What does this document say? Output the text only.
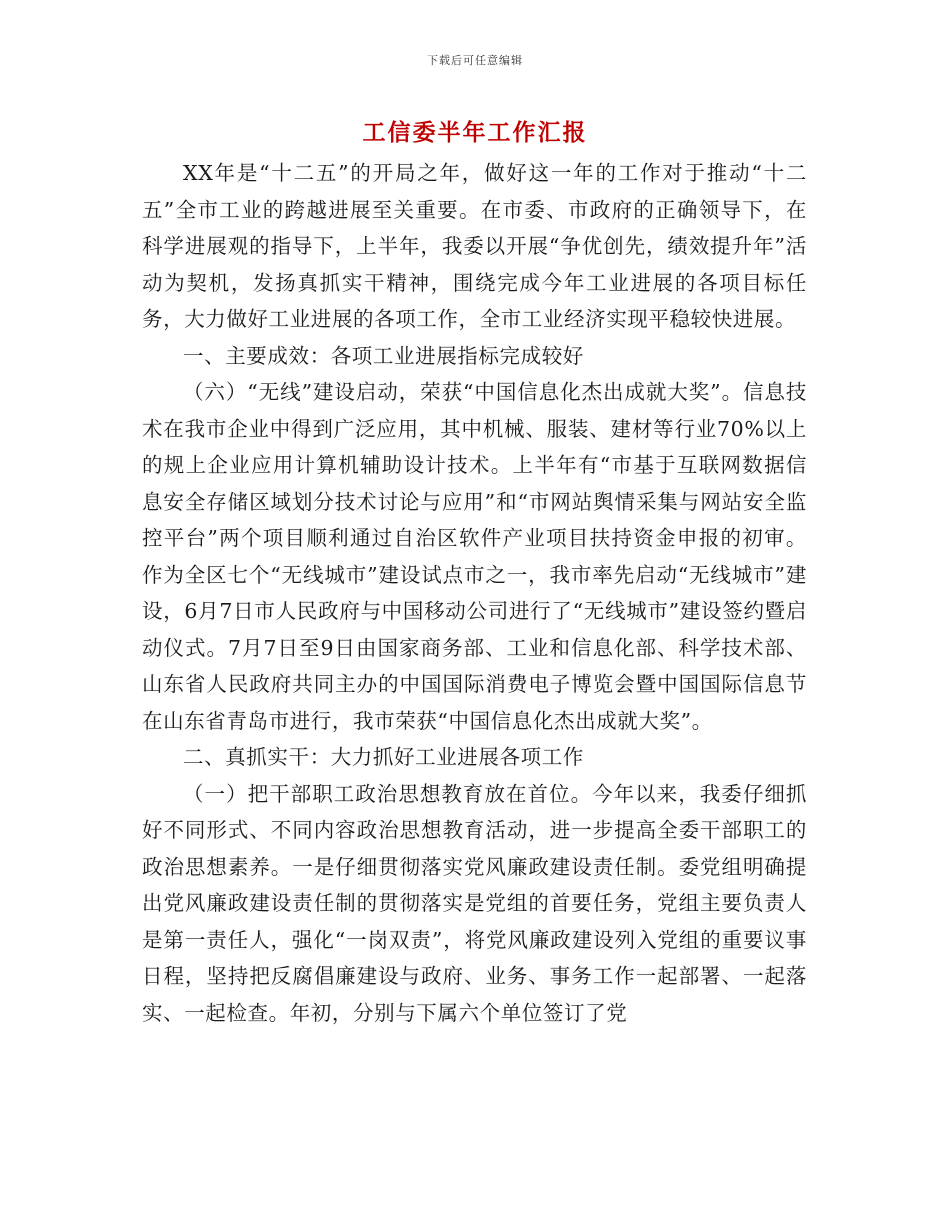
下载后可任意编辑
工信委半年工作汇报

XX年是“十二五”的开局之年，做好这一年的工作对于推动“十二五”全市工业的跨越进展至关重要。在市委、市政府的正确领导下，在科学进展观的指导下，上半年，我委以开展“争优创先，绩效提升年”活动为契机，发扬真抓实干精神，围绕完成今年工业进展的各项目标任务，大力做好工业进展的各项工作，全市工业经济实现平稳较快进展。

一、主要成效：各项工业进展指标完成较好

（六）“无线”建设启动，荣获“中国信息化杰出成就大奖”。信息技术在我市企业中得到广泛应用，其中机械、服装、建材等行业70%以上的规上企业应用计算机辅助设计技术。上半年有“市基于互联网数据信息安全存储区域划分技术讨论与应用”和“市网站舆情采集与网站安全监控平台”两个项目顺利通过自治区软件产业项目扶持资金申报的初审。作为全区七个“无线城市”建设试点市之一，我市率先启动“无线城市”建设，6月7日市人民政府与中国移动公司进行了“无线城市”建设签约暨启动仪式。7月7日至9日由国家商务部、工业和信息化部、科学技术部、山东省人民政府共同主办的中国国际消费电子博览会暨中国国际信息节在山东省青岛市进行，我市荣获“中国信息化杰出成就大奖”。

二、真抓实干：大力抓好工业进展各项工作

（一）把干部职工政治思想教育放在首位。今年以来，我委仔细抓好不同形式、不同内容政治思想教育活动，进一步提高全委干部职工的政治思想素养。一是仔细贯彻落实党风廉政建设责任制。委党组明确提出党风廉政建设责任制的贯彻落实是党组的首要任务，党组主要负责人是第一责任人，强化“一岗双责”，将党风廉政建设列入党组的重要议事日程，坚持把反腐倡廉建设与政府、业务、事务工作一起部署、一起落实、一起检查。年初，分别与下属六个单位签订了党
